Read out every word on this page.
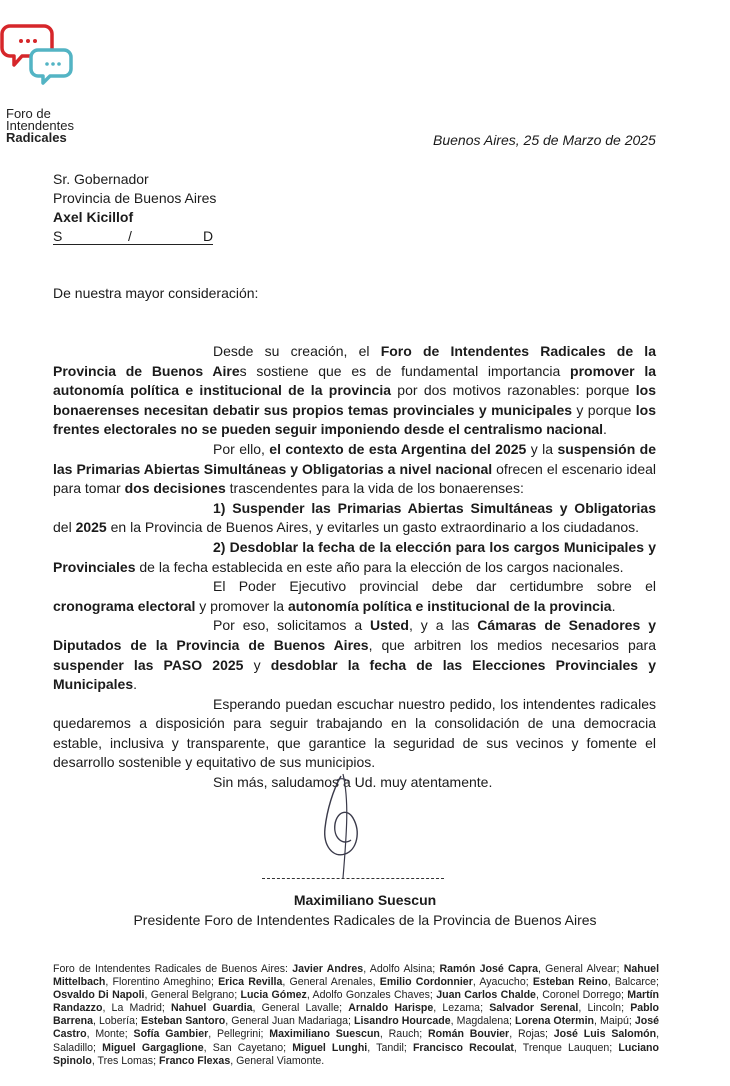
Foro de
Intendentes
Radicales	Buenos Aires, 25 de Marzo de 2025
Sr. Gobernador
Provincia de Buenos Aires
Axel Kicillof
S	/	D
De nuestra mayor consideración:

Desde su creación, el Foro de Intendentes Radicales de la Provincia de Buenos Aires sostiene que es de fundamental importancia promover la autonomía política e institucional de la provincia por dos motivos razonables: porque los bonaerenses necesitan debatir sus propios temas provinciales y municipales y porque los frentes electorales no se pueden seguir imponiendo desde el centralismo nacional.

Por ello, el contexto de esta Argentina del 2025 y la suspensión de las Primarias Abiertas Simultáneas y Obligatorias a nivel nacional ofrecen el escenario ideal para tomar dos decisiones trascendentes para la vida de los bonaerenses:

1) Suspender las Primarias Abiertas Simultáneas y Obligatorias del 2025 en la Provincia de Buenos Aires, y evitarles un gasto extraordinario a los ciudadanos.

2) Desdoblar la fecha de la elección para los cargos Municipales y Provinciales de la fecha establecida en este año para la elección de los cargos nacionales.

El Poder Ejecutivo provincial debe dar certidumbre sobre el cronograma electoral y promover la autonomía política e institucional de la provincia.

Por eso, solicitamos a Usted, y a las Cámaras de Senadores y Diputados de la Provincia de Buenos Aires, que arbitren los medios necesarios para suspender las PASO 2025 y desdoblar la fecha de las Elecciones Provinciales y Municipales.

Esperando puedan escuchar nuestro pedido, los intendentes radicales quedaremos a disposición para seguir trabajando en la consolidación de una democracia estable, inclusiva y transparente, que garantice la seguridad de sus vecinos y fomente el desarrollo sostenible y equitativo de sus municipios.

Sin más, saludamos a Ud. muy atentamente.

Maximiliano Suescun
Presidente Foro de Intendentes Radicales de la Provincia de Buenos Aires
Foro de Intendentes Radicales de Buenos Aires: Javier Andres, Adolfo Alsina; Ramón José Capra, General Alvear; Nahuel Mittelbach, Florentino Ameghino; Erica Revilla, General Arenales, Emilio Cordonnier, Ayacucho; Esteban Reino, Balcarce; Osvaldo Di Napoli, General Belgrano; Lucia Gómez, Adolfo Gonzales Chaves; Juan Carlos Chalde, Coronel Dorrego; Martín Randazzo, La Madrid; Nahuel Guardia, General Lavalle; Arnaldo Harispe, Lezama; Salvador Serenal, Lincoln; Pablo Barrena, Lobería; Esteban Santoro, General Juan Madariaga; Lisandro Hourcade, Magdalena; Lorena Otermin, Maipú; José Castro, Monte; Sofía Gambier, Pellegrini; Maximiliano Suescun, Rauch; Román Bouvier, Rojas; José Luis Salomón, Saladillo; Miguel Gargaglione, San Cayetano; Miguel Lunghi, Tandil; Francisco Recoulat, Trenque Lauquen; Luciano Spinolo, Tres Lomas; Franco Flexas, General Viamonte.
